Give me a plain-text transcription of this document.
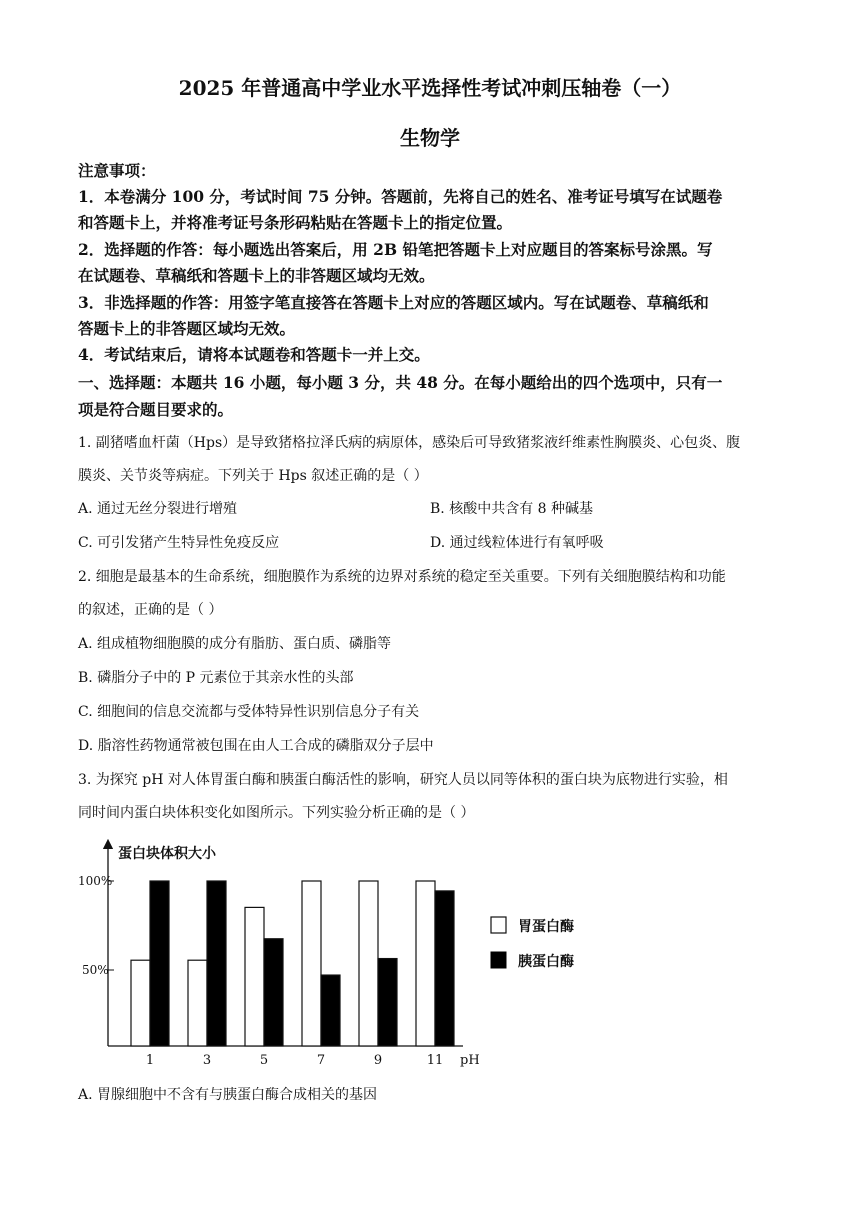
2025 年普通高中学业水平选择性考试冲刺压轴卷（一）
生物学
注意事项：
1．本卷满分 100 分，考试时间 75 分钟。答题前，先将自己的姓名、准考证号填写在试题卷
和答题卡上，并将准考证号条形码粘贴在答题卡上的指定位置。
2．选择题的作答：每小题选出答案后，用 2B 铅笔把答题卡上对应题目的答案标号涂黑。写
在试题卷、草稿纸和答题卡上的非答题区域均无效。
3．非选择题的作答：用签字笔直接答在答题卡上对应的答题区域内。写在试题卷、草稿纸和
答题卡上的非答题区域均无效。
4．考试结束后，请将本试题卷和答题卡一并上交。
一、选择题：本题共 16 小题，每小题 3 分，共 48 分。在每小题给出的四个选项中，只有一
项是符合题目要求的。
1. 副猪嗜血杆菌（Hps）是导致猪格拉泽氏病的病原体，感染后可导致猪浆液纤维素性胸膜炎、心包炎、腹
膜炎、关节炎等病症。下列关于 Hps 叙述正确的是（ ）
A. 通过无丝分裂进行增殖	B. 核酸中共含有 8 种碱基
C. 可引发猪产生特异性免疫反应	D. 通过线粒体进行有氧呼吸
2. 细胞是最基本的生命系统，细胞膜作为系统的边界对系统的稳定至关重要。下列有关细胞膜结构和功能
的叙述，正确的是（ ）
A. 组成植物细胞膜的成分有脂肪、蛋白质、磷脂等
B. 磷脂分子中的 P 元素位于其亲水性的头部
C. 细胞间的信息交流都与受体特异性识别信息分子有关
D. 脂溶性药物通常被包围在由人工合成的磷脂双分子层中
3. 为探究 pH 对人体胃蛋白酶和胰蛋白酶活性的影响，研究人员以同等体积的蛋白块为底物进行实验，相
同时间内蛋白块体积变化如图所示。下列实验分析正确的是（ ）
蛋白块体积大小
100%
50%
pH
1	3	5	7	9	11
胃蛋白酶
胰蛋白酶
A. 胃腺细胞中不含有与胰蛋白酶合成相关的基因
